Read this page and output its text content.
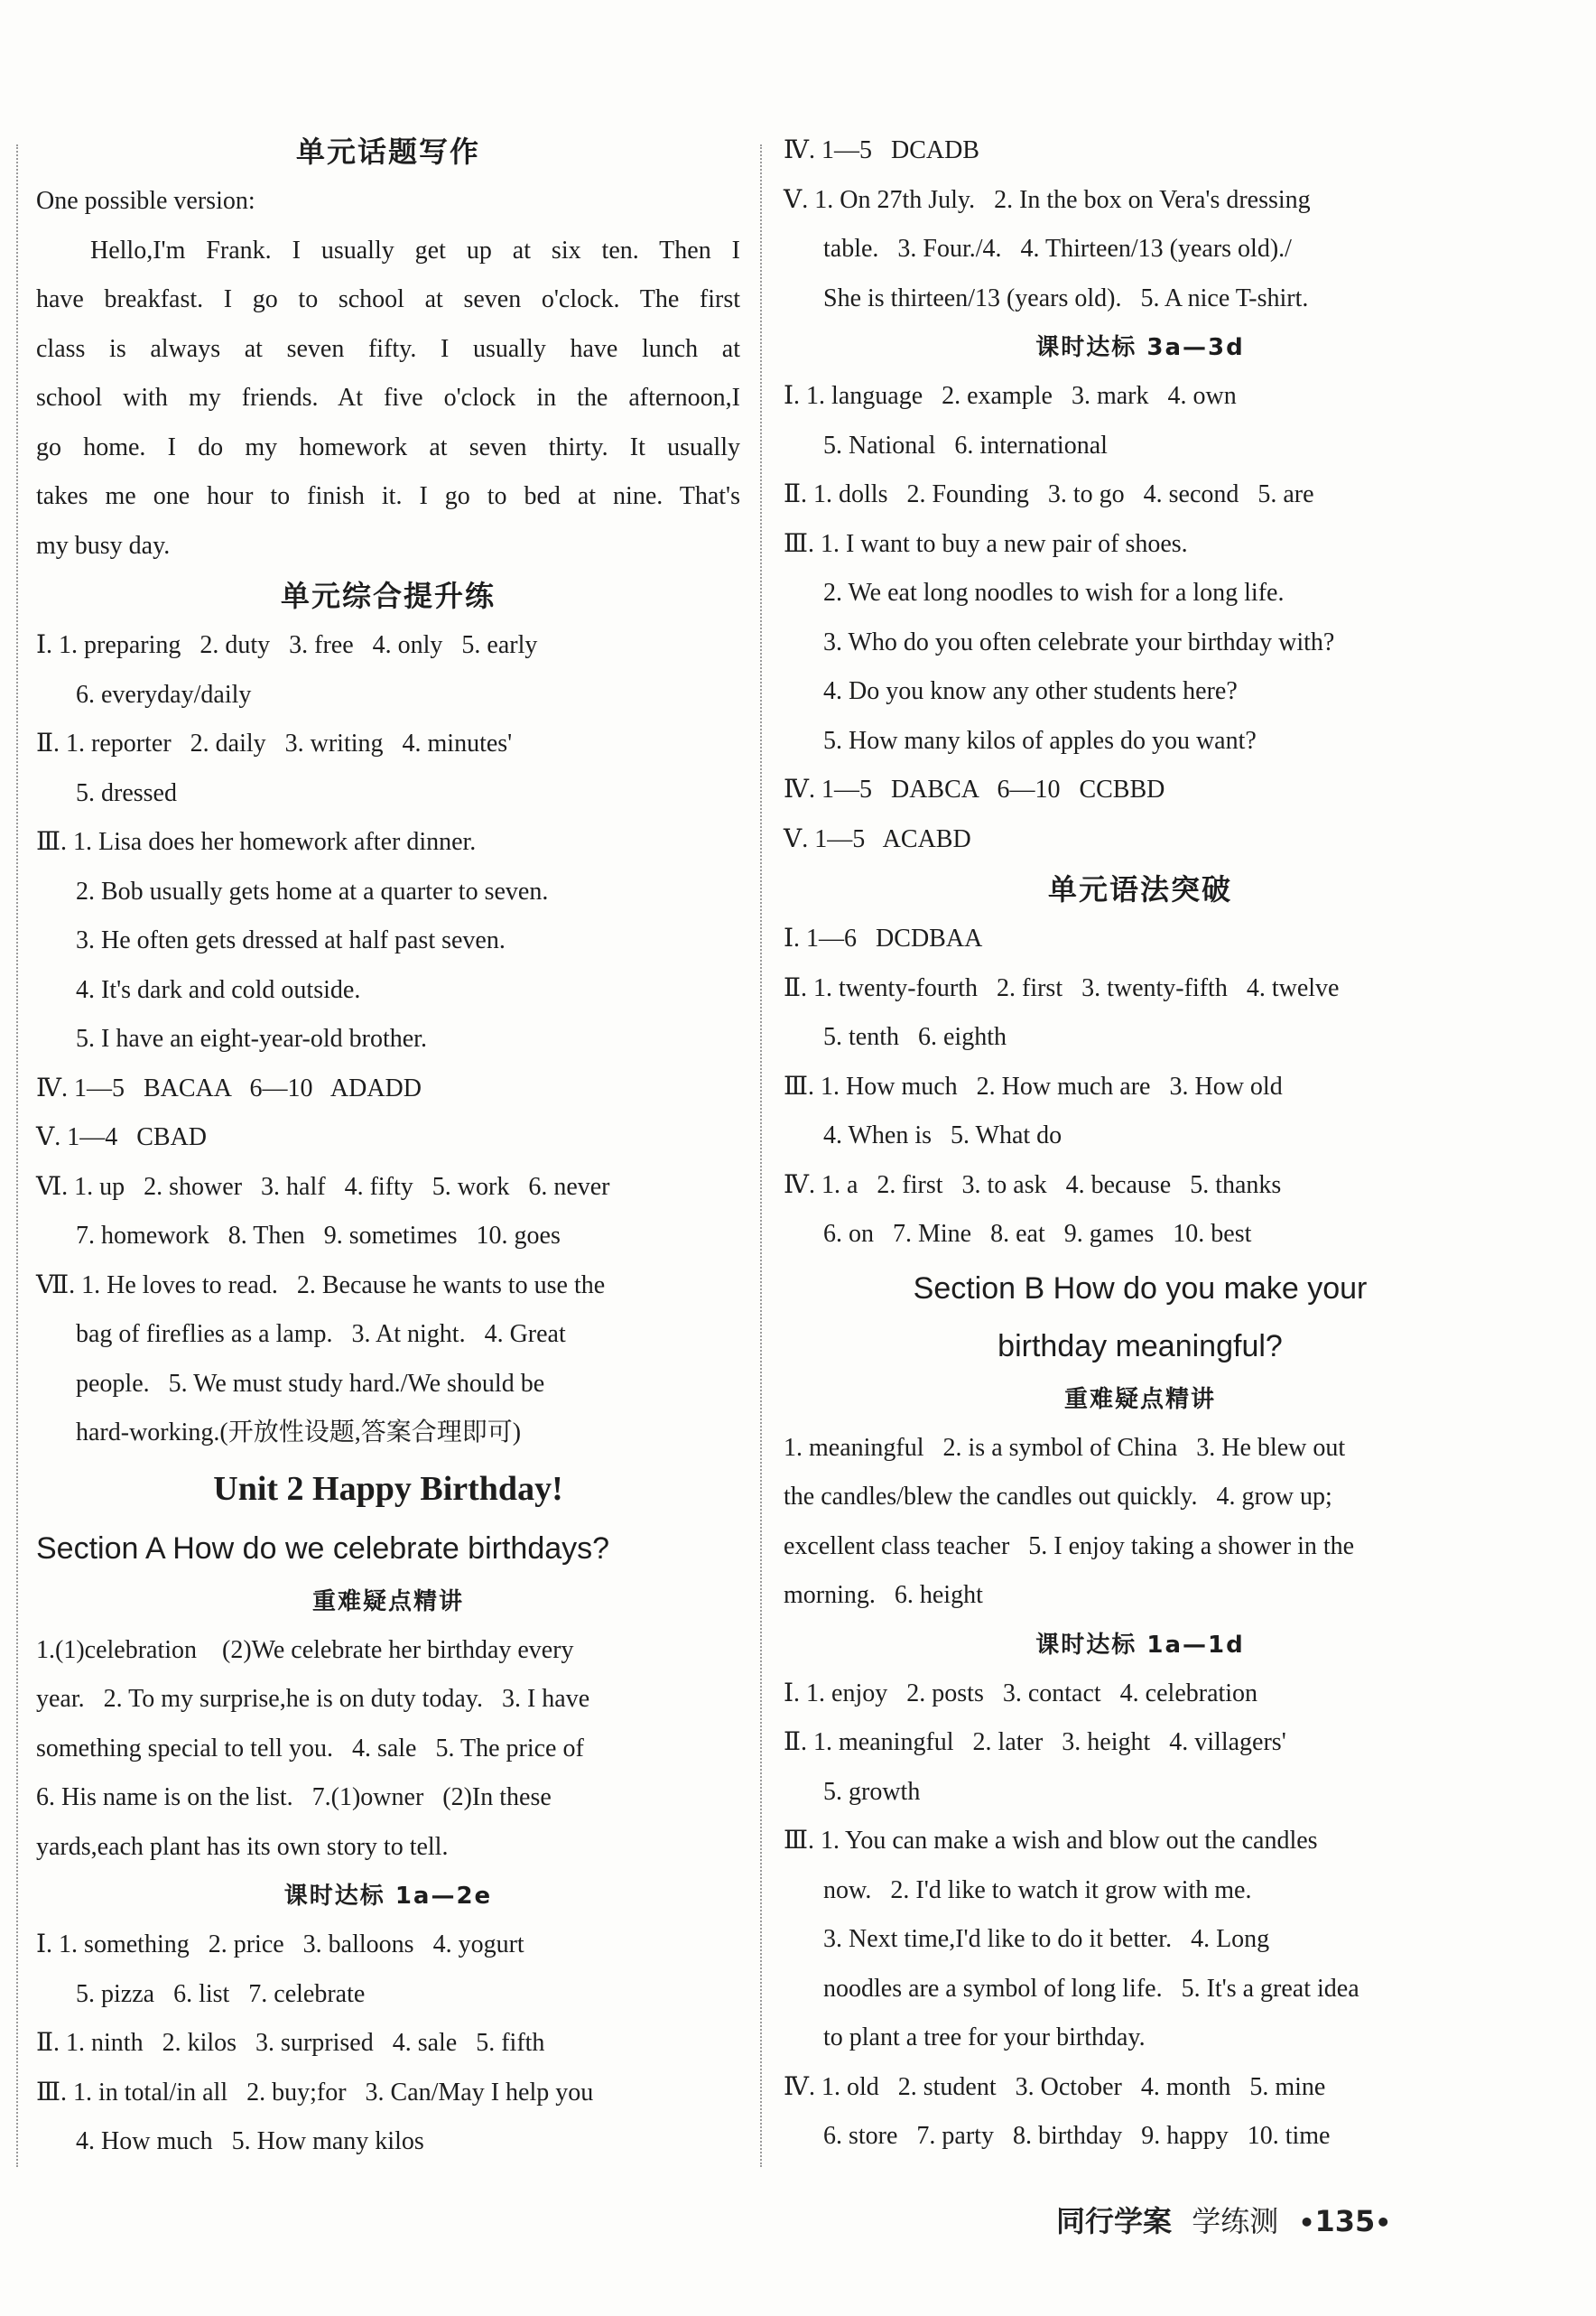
单元话题写作
One possible version:
Hello,I'm Frank. I usually get up at six ten. Then I
have breakfast. I go to school at seven o'clock. The first
class is always at seven fifty. I usually have lunch at
school with my friends. At five o'clock in the afternoon,I
go home. I do my homework at seven thirty. It usually
takes me one hour to finish it. I go to bed at nine. That's
my busy day.
单元综合提升练
Ⅰ. 1. preparing   2. duty   3. free   4. only   5. early
6. everyday/daily
Ⅱ. 1. reporter   2. daily   3. writing   4. minutes'
5. dressed
Ⅲ. 1. Lisa does her homework after dinner.
2. Bob usually gets home at a quarter to seven.
3. He often gets dressed at half past seven.
4. It's dark and cold outside.
5. I have an eight-year-old brother.
Ⅳ. 1—5   BACAA   6—10   ADADD
Ⅴ. 1—4   CBAD
Ⅵ. 1. up   2. shower   3. half   4. fifty   5. work   6. never
7. homework   8. Then   9. sometimes   10. goes
Ⅶ. 1. He loves to read.   2. Because he wants to use the
bag of fireflies as a lamp.   3. At night.   4. Great
people.   5. We must study hard./We should be
hard-working.(开放性设题,答案合理即可)
Unit 2 Happy Birthday!
Section A How do we celebrate birthdays?
重难疑点精讲
1.(1)celebration    (2)We celebrate her birthday every
year.   2. To my surprise,he is on duty today.   3. I have
something special to tell you.   4. sale   5. The price of
6. His name is on the list.   7.(1)owner   (2)In these
yards,each plant has its own story to tell.
课时达标 1a—2e
Ⅰ. 1. something   2. price   3. balloons   4. yogurt
5. pizza   6. list   7. celebrate
Ⅱ. 1. ninth   2. kilos   3. surprised   4. sale   5. fifth
Ⅲ. 1. in total/in all   2. buy;for   3. Can/May I help you
4. How much   5. How many kilos
Ⅳ. 1—5   DCADB
Ⅴ. 1. On 27th July.   2. In the box on Vera's dressing
table.   3. Four./4.   4. Thirteen/13 (years old)./
She is thirteen/13 (years old).   5. A nice T-shirt.
课时达标 3a—3d
Ⅰ. 1. language   2. example   3. mark   4. own
5. National   6. international
Ⅱ. 1. dolls   2. Founding   3. to go   4. second   5. are
Ⅲ. 1. I want to buy a new pair of shoes.
2. We eat long noodles to wish for a long life.
3. Who do you often celebrate your birthday with?
4. Do you know any other students here?
5. How many kilos of apples do you want?
Ⅳ. 1—5   DABCA   6—10   CCBBD
Ⅴ. 1—5   ACABD
单元语法突破
Ⅰ. 1—6   DCDBAA
Ⅱ. 1. twenty-fourth   2. first   3. twenty-fifth   4. twelve
5. tenth   6. eighth
Ⅲ. 1. How much   2. How much are   3. How old
4. When is   5. What do
Ⅳ. 1. a   2. first   3. to ask   4. because   5. thanks
6. on   7. Mine   8. eat   9. games   10. best
Section B How do you make your
birthday meaningful?
重难疑点精讲
1. meaningful   2. is a symbol of China   3. He blew out
the candles/blew the candles out quickly.   4. grow up;
excellent class teacher   5. I enjoy taking a shower in the
morning.   6. height
课时达标 1a—1d
Ⅰ. 1. enjoy   2. posts   3. contact   4. celebration
Ⅱ. 1. meaningful   2. later   3. height   4. villagers'
5. growth
Ⅲ. 1. You can make a wish and blow out the candles
now.   2. I'd like to watch it grow with me.
3. Next time,I'd like to do it better.   4. Long
noodles are a symbol of long life.   5. It's a great idea
to plant a tree for your birthday.
Ⅳ. 1. old   2. student   3. October   4. month   5. mine
6. store   7. party   8. birthday   9. happy   10. time
同行学案 学练测 •135•
